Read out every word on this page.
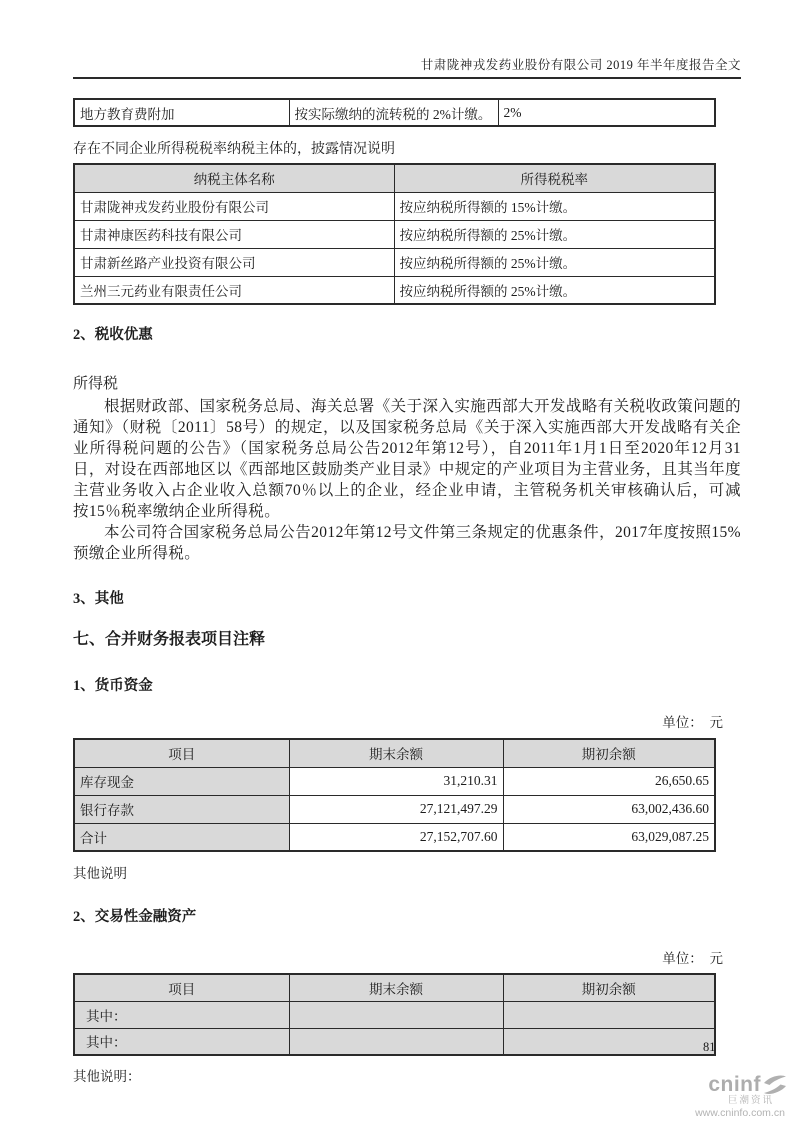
甘肃陇神戎发药业股份有限公司 2019 年半年度报告全文
地方教育费附加	按实际缴纳的流转税的 2%计缴。	2%

存在不同企业所得税税率纳税主体的，披露情况说明

纳税主体名称	所得税税率
甘肃陇神戎发药业股份有限公司	按应纳税所得额的 15%计缴。
甘肃神康医药科技有限公司	按应纳税所得额的 25%计缴。
甘肃新丝路产业投资有限公司	按应纳税所得额的 25%计缴。
兰州三元药业有限责任公司	按应纳税所得额的 25%计缴。
2、税收优惠

所得税

根据财政部、国家税务总局、海关总署《关于深入实施西部大开发战略有关税收政策问题的通知》（财税〔2011〕58号）的规定，以及国家税务总局《关于深入实施西部大开发战略有关企业所得税问题的公告》（国家税务总局公告2012年第12号），自2011年1月1日至2020年12月31日，对设在西部地区以《西部地区鼓励类产业目录》中规定的产业项目为主营业务，且其当年度主营业务收入占企业收入总额70％以上的企业，经企业申请，主管税务机关审核确认后，可减按15％税率缴纳企业所得税。

本公司符合国家税务总局公告2012年第12号文件第三条规定的优惠条件，2017年度按照15%预缴企业所得税。

3、其他
七、合并财务报表项目注释
1、货币资金
单位：　元
项目	期末余额	期初余额
库存现金	31,210.31	26,650.65
银行存款	27,121,497.29	63,002,436.60
合计	27,152,707.60	63,029,087.25

其他说明

2、交易性金融资产
单位：　元
项目	期末余额	期初余额
其中：		
其中：		

其他说明：

81
cninf
巨潮资讯
www.cninfo.com.cn
